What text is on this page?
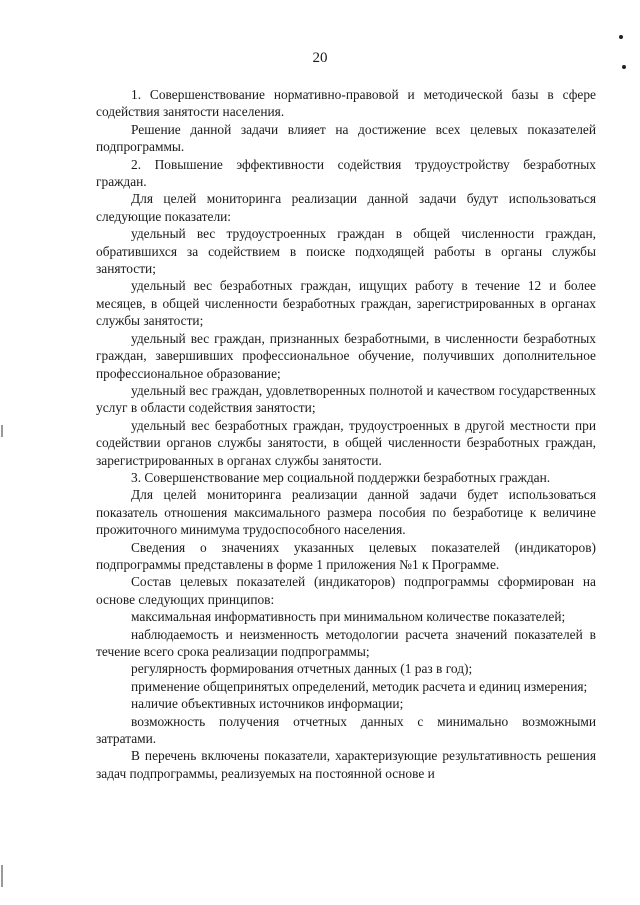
20

1. Совершенствование нормативно-правовой и методической базы в сфере содействия занятости населения.

Решение данной задачи влияет на достижение всех целевых показателей подпрограммы.

2. Повышение эффективности содействия трудоустройству безработных граждан.

Для целей мониторинга реализации данной задачи будут использоваться следующие показатели:

удельный вес трудоустроенных граждан в общей численности граждан, обратившихся за содействием в поиске подходящей работы в органы службы занятости;

удельный вес безработных граждан, ищущих работу в течение 12 и более месяцев, в общей численности безработных граждан, зарегистрированных в органах службы занятости;

удельный вес граждан, признанных безработными, в численности безработных граждан, завершивших профессиональное обучение, получивших дополнительное профессиональное образование;

удельный вес граждан, удовлетворенных полнотой и качеством государственных услуг в области содействия занятости;

удельный вес безработных граждан, трудоустроенных в другой местности при содействии органов службы занятости, в общей численности безработных граждан, зарегистрированных в органах службы занятости.

3. Совершенствование мер социальной поддержки безработных граждан.

Для целей мониторинга реализации данной задачи будет использоваться показатель отношения максимального размера пособия по безработице к величине прожиточного минимума трудоспособного населения.

Сведения о значениях указанных целевых показателей (индикаторов) подпрограммы представлены в форме 1 приложения №1 к Программе.

Состав целевых показателей (индикаторов) подпрограммы сформирован на основе следующих принципов:

максимальная информативность при минимальном количестве показателей;

наблюдаемость и неизменность методологии расчета значений показателей в течение всего срока реализации подпрограммы;

регулярность формирования отчетных данных (1 раз в год);

применение общепринятых определений, методик расчета и единиц измерения;

наличие объективных источников информации;

возможность получения отчетных данных с минимально возможными затратами.

В перечень включены показатели, характеризующие результативность решения задач подпрограммы, реализуемых на постоянной основе и
